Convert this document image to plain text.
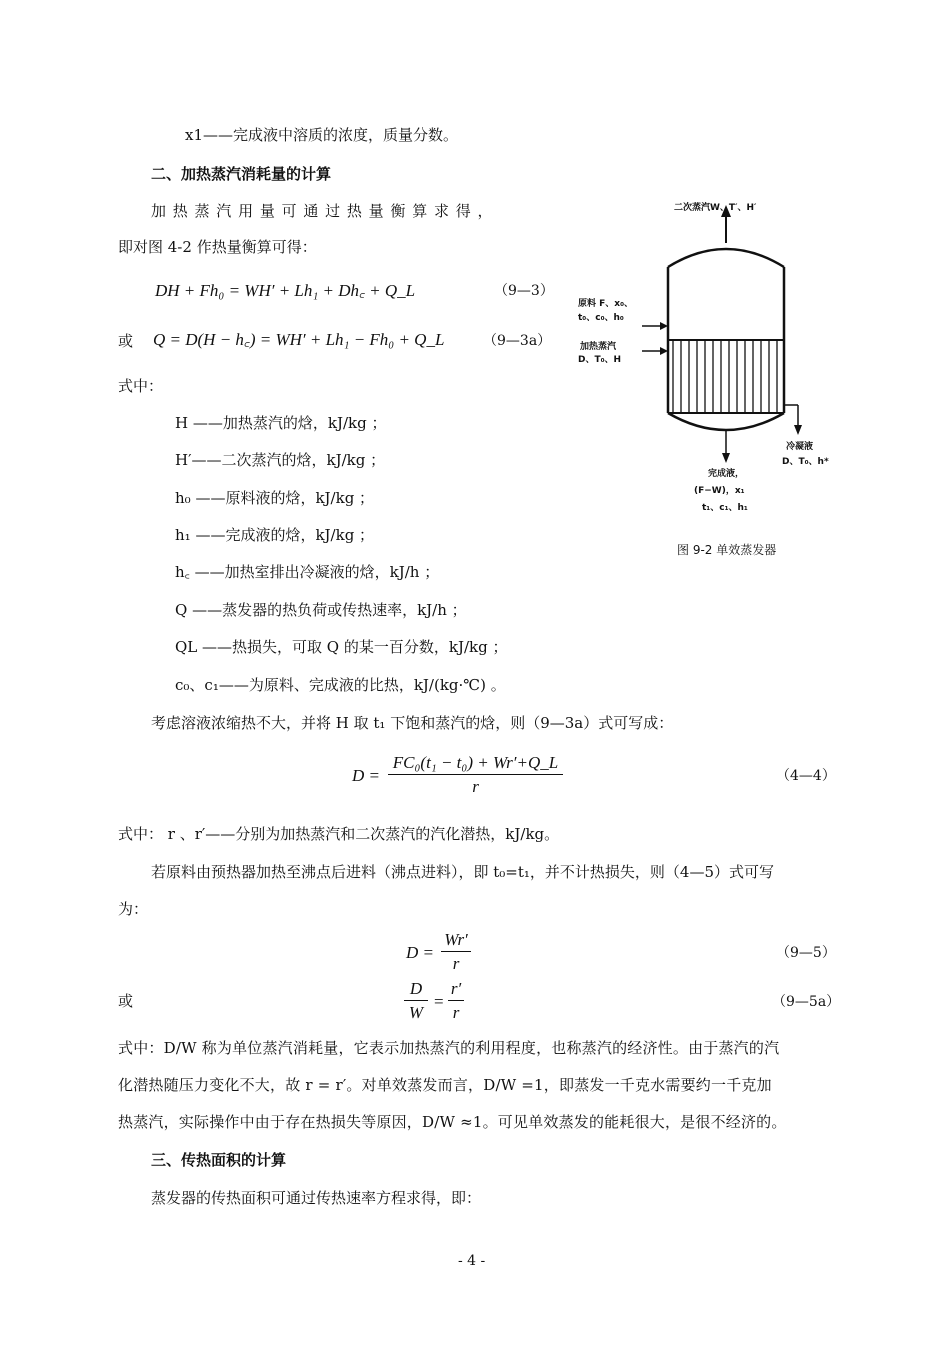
x1——完成液中溶质的浓度，质量分数。
二、加热蒸汽消耗量的计算
加 热 蒸 汽 用 量 可 通 过 热 量 衡 算 求 得 ，
即对图 4-2 作热量衡算可得：
DH + Fh₀ = WH′ + Lh₁ + Dh꜀ + Q_L	（9—3）
或 Q = D(H − h꜀) = WH′ + Lh₁ − Fh₀ + Q_L	（9—3a）
式中：
H ——加热蒸汽的焓，kJ/kg ；
H′——二次蒸汽的焓，kJ/kg ；
h₀ ——原料液的焓，kJ/kg ；
h₁ ——完成液的焓，kJ/kg ；
h꜀ ——加热室排出冷凝液的焓，kJ/h ；
Q ——蒸发器的热负荷或传热速率，kJ/h ；
QL ——热损失，可取 Q 的某一百分数，kJ/kg ；
c₀、c₁——为原料、完成液的比热，kJ/(kg·℃) 。
考虑溶液浓缩热不大，并将 H 取 t₁ 下饱和蒸汽的焓，则（9—3a）式可写成：
D =
FC₀(t₁ − t₀) + Wr′+Q_L
r
（4—4）
式中： r 、r′——分别为加热蒸汽和二次蒸汽的汽化潜热，kJ/kg。
若原料由预热器加热至沸点后进料（沸点进料），即 t₀=t₁，并不计热损失，则（4—5）式可写
为：
D =
Wr′
r
（9—5）
或
D
W
=
r′
r
（9—5a）
式中：D/W 称为单位蒸汽消耗量，它表示加热蒸汽的利用程度，也称蒸汽的经济性。由于蒸汽的汽
化潜热随压力变化不大，故 r = r′。对单效蒸发而言，D/W =1，即蒸发一千克水需要约一千克加
热蒸汽，实际操作中由于存在热损失等原因，D/W ≈1。可见单效蒸发的能耗很大，是很不经济的。
三、传热面积的计算
蒸发器的传热面积可通过传热速率方程求得，即：
- 4 -
二次蒸汽W、T′、H′
原料 F、x₀、
t₀、c₀、h₀
加热蒸汽
D、T₀、H
冷凝液
D、T₀、h*
完成液，
(F−W)，x₁
t₁、c₁、h₁
图 9-2 单效蒸发器
